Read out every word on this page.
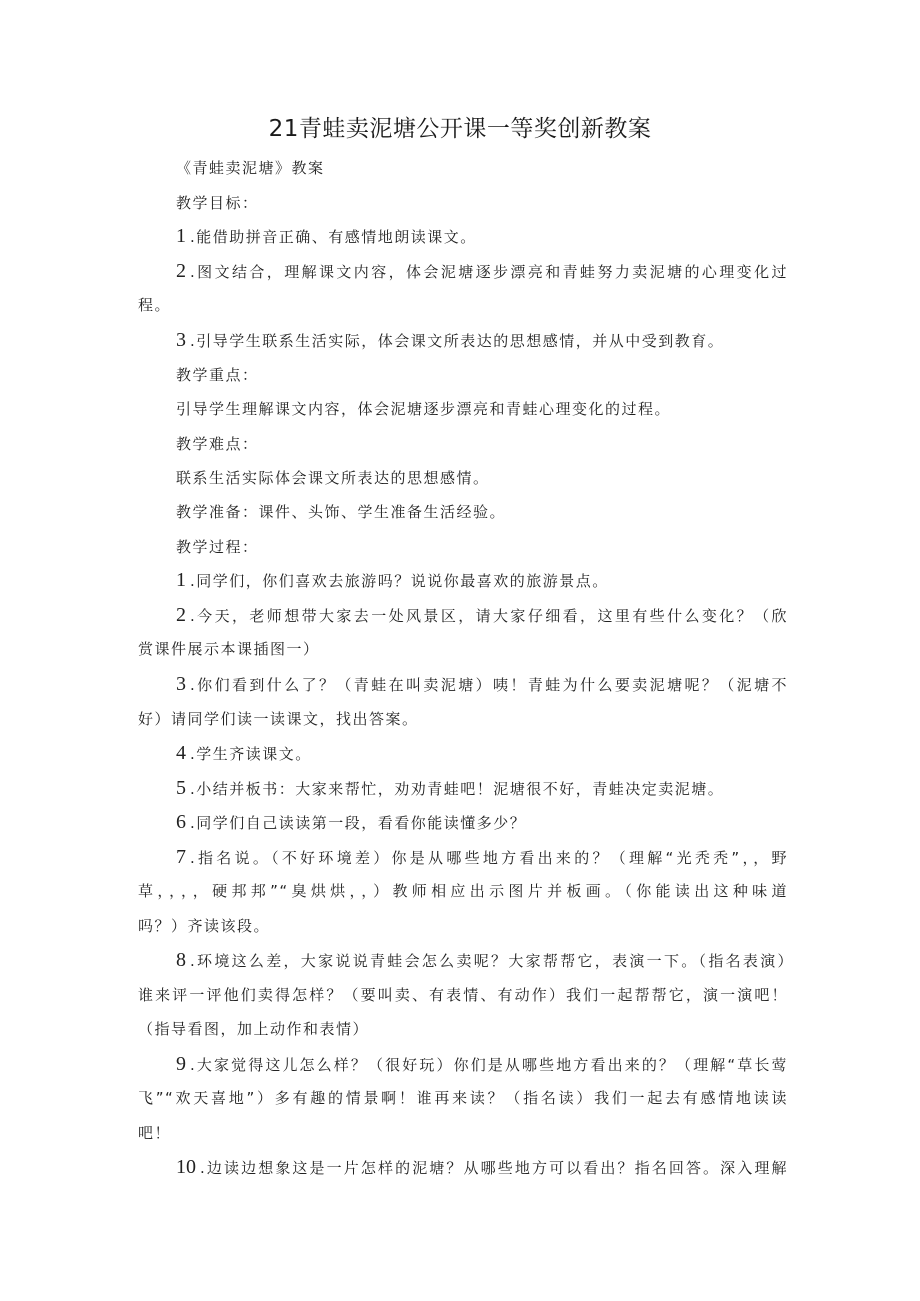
21青蛙卖泥塘公开课一等奖创新教案
《青蛙卖泥塘》教案
教学目标：
1 .能借助拼音正确、有感情地朗读课文。
2 .图文结合，理解课文内容，体会泥塘逐步漂亮和青蛙努力卖泥塘的心理变化过
程。
3 .引导学生联系生活实际，体会课文所表达的思想感情，并从中受到教育。
教学重点：
引导学生理解课文内容，体会泥塘逐步漂亮和青蛙心理变化的过程。
教学难点：
联系生活实际体会课文所表达的思想感情。
教学准备：课件、头饰、学生准备生活经验。
教学过程：
1 .同学们，你们喜欢去旅游吗？说说你最喜欢的旅游景点。
2 .今天，老师想带大家去一处风景区，请大家仔细看，这里有些什么变化？（欣
赏课件展示本课插图一）
3 .你们看到什么了？（青蛙在叫卖泥塘）咦！青蛙为什么要卖泥塘呢？（泥塘不
好）请同学们读一读课文，找出答案。
4 .学生齐读课文。
5 .小结并板书：大家来帮忙，劝劝青蛙吧！泥塘很不好，青蛙决定卖泥塘。
6 .同学们自己读读第一段，看看你能读懂多少？
7 .指名说。（不好环境差）你是从哪些地方看出来的？（理解“光秃秃”，，野
草，，，，硬邦邦”“臭烘烘，，）教师相应出示图片并板画。（你能读出这种味道
吗？）齐读该段。
8 .环境这么差，大家说说青蛙会怎么卖呢？大家帮帮它，表演一下。（指名表演）
谁来评一评他们卖得怎样？（要叫卖、有表情、有动作）我们一起帮帮它，演一演吧！
（指导看图，加上动作和表情）
9 .大家觉得这儿怎么样？（很好玩）你们是从哪些地方看出来的？（理解“草长莺
飞”“欢天喜地”）多有趣的情景啊！谁再来读？（指名读）我们一起去有感情地读读
吧！
10 .边读边想象这是一片怎样的泥塘？从哪些地方可以看出？指名回答。深入理解
